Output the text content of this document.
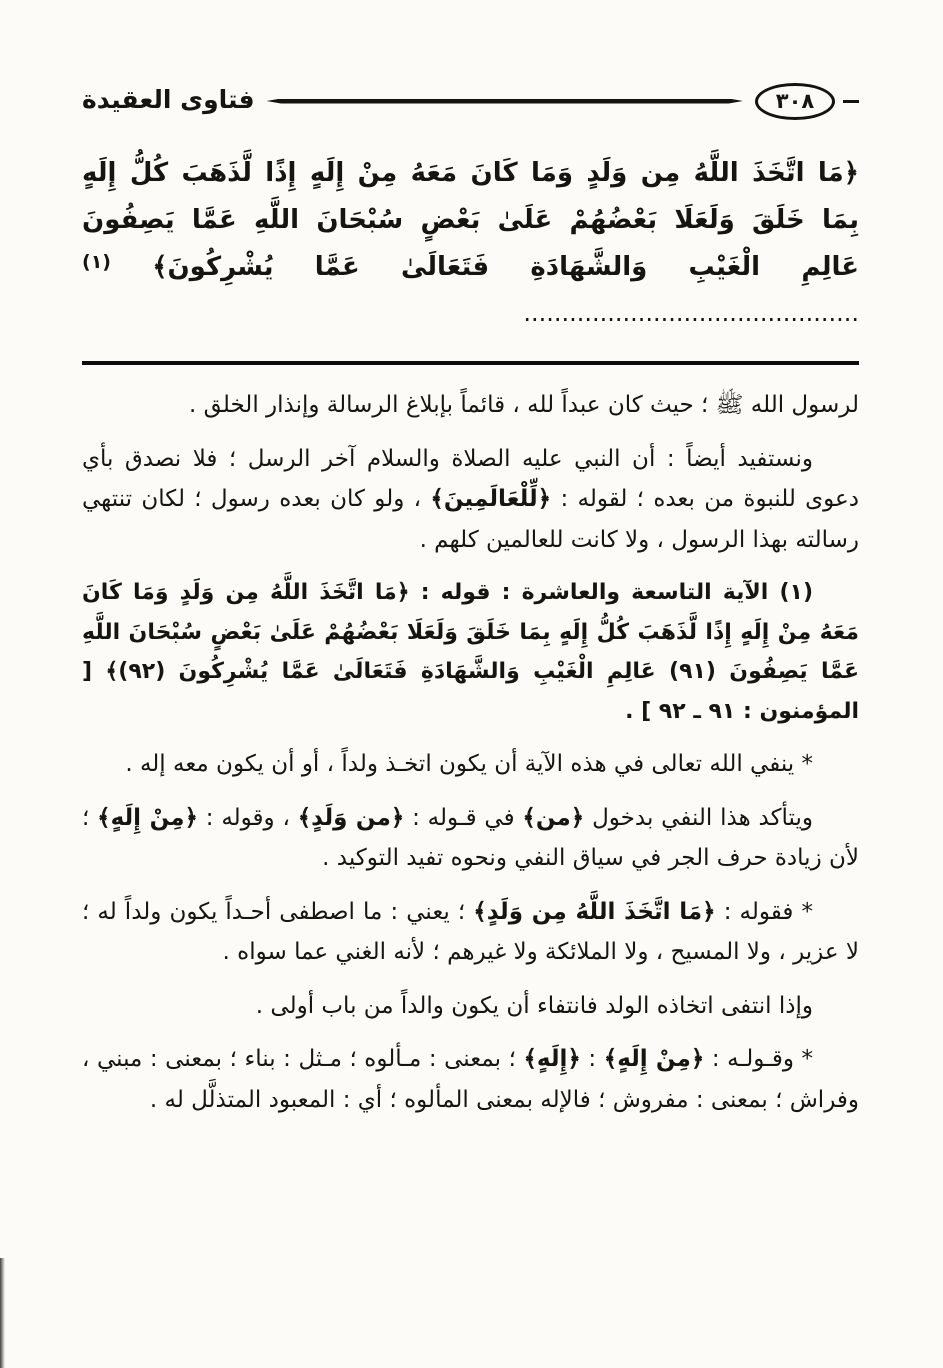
فتاوى العقيدة	٣٠٨
﴿مَا اتَّخَذَ اللَّهُ مِن وَلَدٍ وَمَا كَانَ مَعَهُ مِنْ إِلَهٍ إِذًا لَّذَهَبَ كُلُّ إِلَهٍ بِمَا خَلَقَ وَلَعَلَا بَعْضُهُمْ عَلَىٰ بَعْضٍ سُبْحَانَ اللَّهِ عَمَّا يَصِفُونَ عَالِمِ الْغَيْبِ وَالشَّهَادَةِ فَتَعَالَىٰ عَمَّا يُشْرِكُونَ﴾ $^{(١)}$ ............................................

لرسول الله ﷺ ؛ حيث كان عبداً لله ، قائماً بإبلاغ الرسالة وإنذار الخلق .

ونستفيد أيضاً : أن النبي عليه الصلاة والسلام آخر الرسل ؛ فلا نصدق بأي دعوى للنبوة من بعده ؛ لقوله : ﴿لِّلْعَالَمِينَ﴾ ، ولو كان بعده رسول ؛ لكان تنتهي رسالته بهذا الرسول ، ولا كانت للعالمين كلهم .

(١) الآية التاسعة والعاشرة : قوله : ﴿مَا اتَّخَذَ اللَّهُ مِن وَلَدٍ وَمَا كَانَ مَعَهُ مِنْ إِلَهٍ إِذًا لَّذَهَبَ كُلُّ إِلَهٍ بِمَا خَلَقَ وَلَعَلَا بَعْضُهُمْ عَلَىٰ بَعْضٍ سُبْحَانَ اللَّهِ عَمَّا يَصِفُونَ (٩١) عَالِمِ الْغَيْبِ وَالشَّهَادَةِ فَتَعَالَىٰ عَمَّا يُشْرِكُونَ (٩٢)﴾ [ المؤمنون : ٩١ ـ ٩٢ ] .

* ينفي الله تعالى في هذه الآية أن يكون اتخـذ ولداً ، أو أن يكون معه إله .

ويتأكد هذا النفي بدخول ﴿من﴾ في قـوله : ﴿من وَلَدٍ﴾ ، وقوله : ﴿مِنْ إِلَهٍ﴾ ؛ لأن زيادة حرف الجر في سياق النفي ونحوه تفيد التوكيد .

* فقوله : ﴿مَا اتَّخَذَ اللَّهُ مِن وَلَدٍ﴾ ؛ يعني : ما اصطفى أحـداً يكون ولداً له ؛ لا عزير ، ولا المسيح ، ولا الملائكة ولا غيرهم ؛ لأنه الغني عما سواه .

وإذا انتفى اتخاذه الولد فانتفاء أن يكون والداً من باب أولى .

* وقـولـه : ﴿مِنْ إِلَهٍ﴾ : ﴿إِلَهٍ﴾ ؛ بمعنى : مـألوه ؛ مـثل : بناء ؛ بمعنى : مبني ، وفراش ؛ بمعنى : مفروش ؛ فالإله بمعنى المألوه ؛ أي : المعبود المتذلَّل له .
